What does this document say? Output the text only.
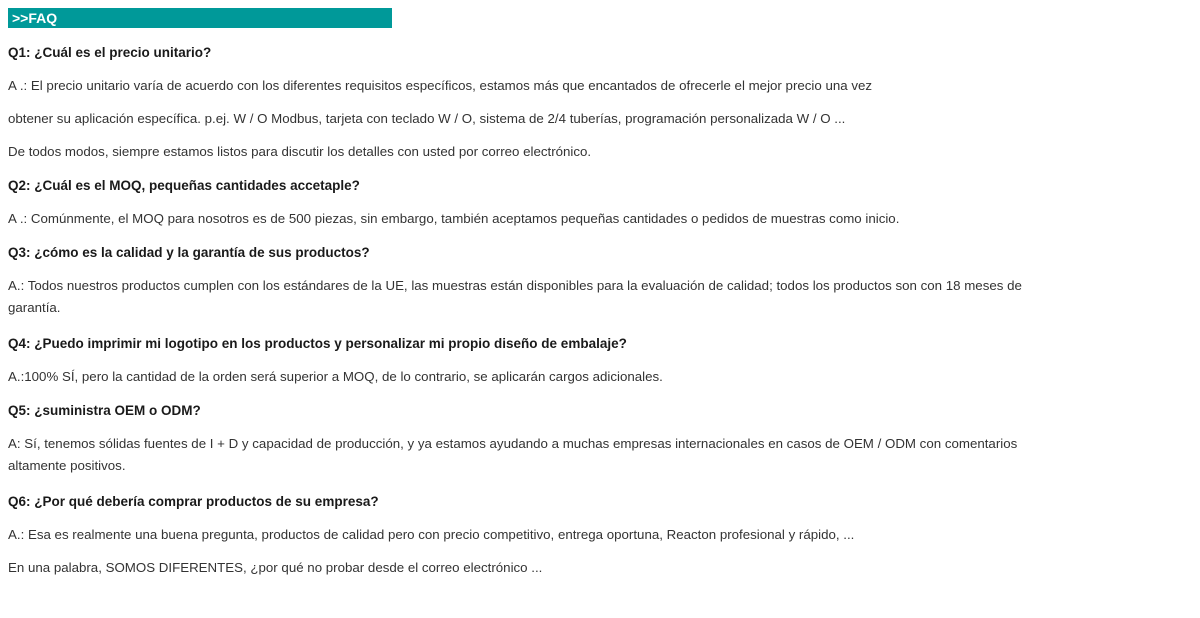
>>FAQ
Q1: ¿Cuál es el precio unitario?
A .: El precio unitario varía de acuerdo con los diferentes requisitos específicos, estamos más que encantados de ofrecerle el mejor precio una vez
obtener su aplicación específica. p.ej. W / O Modbus, tarjeta con teclado W / O, sistema de 2/4 tuberías, programación personalizada W / O ...
De todos modos, siempre estamos listos para discutir los detalles con usted por correo electrónico.
Q2: ¿Cuál es el MOQ, pequeñas cantidades accetaple?
A .: Comúnmente, el MOQ para nosotros es de 500 piezas, sin embargo, también aceptamos pequeñas cantidades o pedidos de muestras como inicio.
Q3: ¿cómo es la calidad y la garantía de sus productos?
A.: Todos nuestros productos cumplen con los estándares de la UE, las muestras están disponibles para la evaluación de calidad; todos los productos son con 18 meses de garantía.
Q4: ¿Puedo imprimir mi logotipo en los productos y personalizar mi propio diseño de embalaje?
A.:100% SÍ, pero la cantidad de la orden será superior a MOQ, de lo contrario, se aplicarán cargos adicionales.
Q5: ¿suministra OEM o ODM?
A: Sí, tenemos sólidas fuentes de I + D y capacidad de producción, y ya estamos ayudando a muchas empresas internacionales en casos de OEM / ODM con comentarios altamente positivos.
Q6: ¿Por qué debería comprar productos de su empresa?
A.: Esa es realmente una buena pregunta, productos de calidad pero con precio competitivo, entrega oportuna, Reacton profesional y rápido, ...
En una palabra, SOMOS DIFERENTES, ¿por qué no probar desde el correo electrónico ...
